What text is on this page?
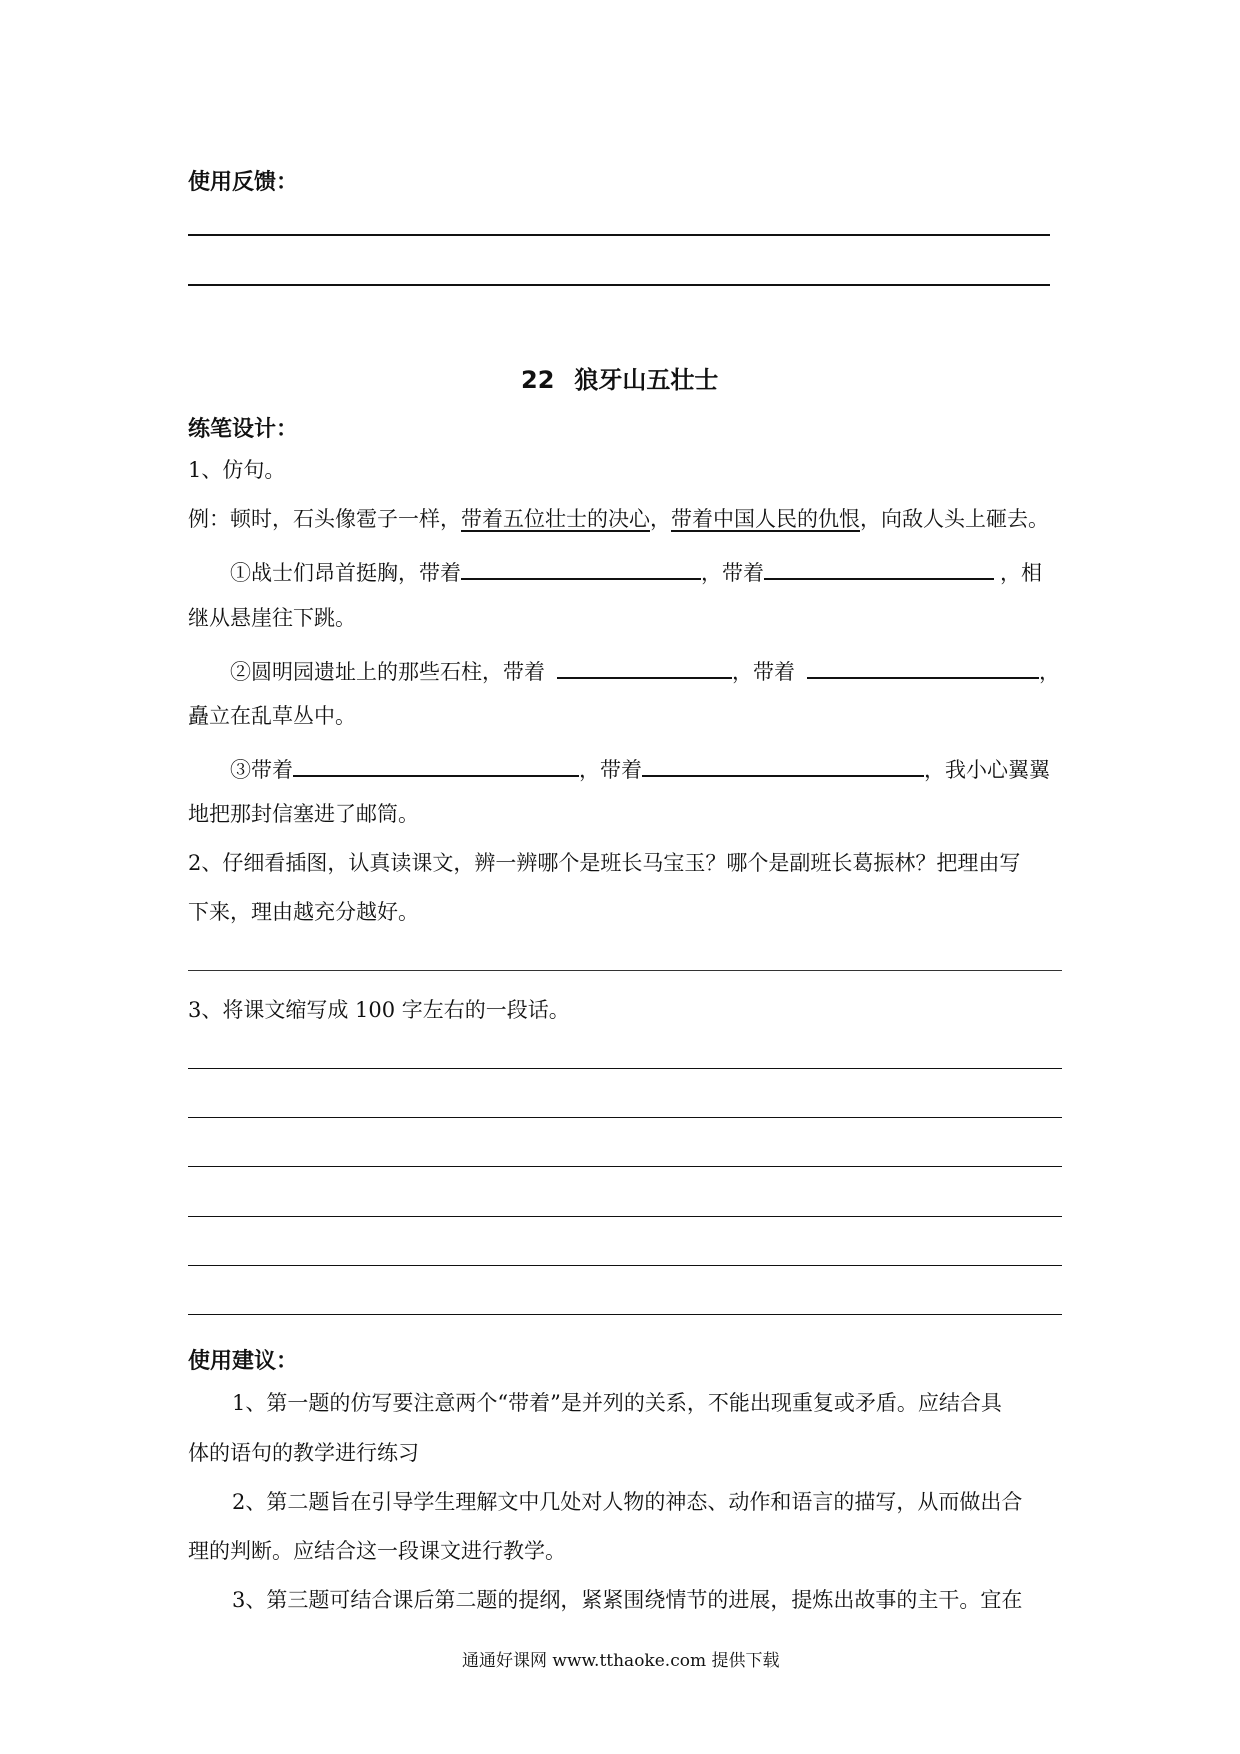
使用反馈：
22 狼牙山五壮士
练笔设计：
1、仿句。
例：顿时，石头像雹子一样，带着五位壮士的决心，带着中国人民的仇恨，向敌人头上砸去。
①战士们昂首挺胸，带着	，带着	，相
继从悬崖往下跳。
②圆明园遗址上的那些石柱，带着	，带着	，
矗立在乱草丛中。
③带着	，带着	，我小心翼翼
地把那封信塞进了邮筒。
2、仔细看插图，认真读课文，辨一辨哪个是班长马宝玉？哪个是副班长葛振林？把理由写
下来，理由越充分越好。
3、将课文缩写成 100 字左右的一段话。
使用建议：
1、第一题的仿写要注意两个“带着”是并列的关系，不能出现重复或矛盾。应结合具
体的语句的教学进行练习
2、第二题旨在引导学生理解文中几处对人物的神态、动作和语言的描写，从而做出合
理的判断。应结合这一段课文进行教学。
3、第三题可结合课后第二题的提纲，紧紧围绕情节的进展，提炼出故事的主干。宜在
通通好课网 www.tthaoke.com 提供下载
